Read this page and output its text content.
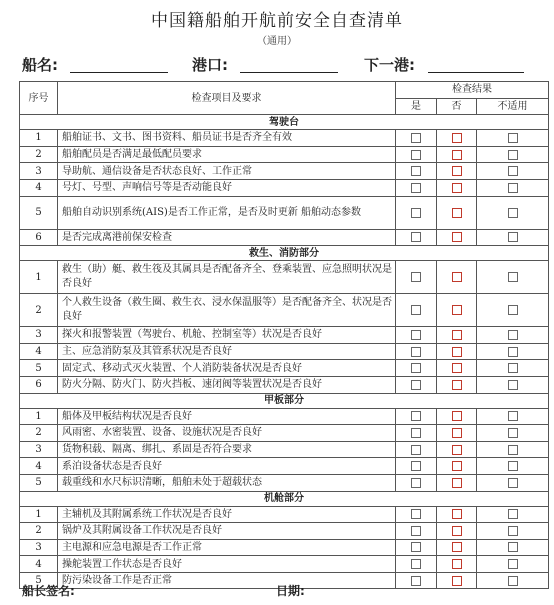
中国籍船舶开航前安全自查清单
（通用）
船名:	港口:	下一港:
序号	检查项目及要求	检查结果		
		是	否	不适用
驾驶台				
1	船舶证书、文书、图书资料、船员证书是否齐全有效			
2	船舶配员是否满足最低配员要求			
3	导助航、通信设备是否状态良好、工作正常			
4	号灯、号型、声响信号等是否动能良好			
5	船舶自动识别系统(AIS)是否工作正常，是否及时更新 船舶动态参数			
6	是否完成离港前保安检查			
救生、消防部分				
1	救生（助）艇、救生筏及其属具是否配备齐全、登乘装置、应急照明状况是否良好			
2	个人救生设备（救生圈、救生衣、浸水保温服等）是否配备齐全、状况是否良好			
3	探火和报警装置（驾驶台、机舱、控制室等）状况是否良好			
4	主、应急消防泵及其管系状况是否良好			
5	固定式、移动式灭火装置、个人消防装备状况是否良好			
6	防火分隔、防火门、防火挡板、速闭阀等装置状况是否良好			
甲板部分				
1	船体及甲板结构状况是否良好			
2	风雨密、水密装置、设备、设施状况是否良好			
3	货物积载、隔离、绑扎、系固是否符合要求			
4	系泊设备状态是否良好			
5	载重线和水尺标识清晰，船舶未处于超载状态			
机舱部分				
1	主辅机及其附属系统工作状况是否良好			
2	锅炉及其附属设备工作状况是否良好			
3	主电源和应急电源是否工作正常			
4	操舵装置工作状态是否良好			
5	防污染设备工作是否正常			
船长签名:	日期:
